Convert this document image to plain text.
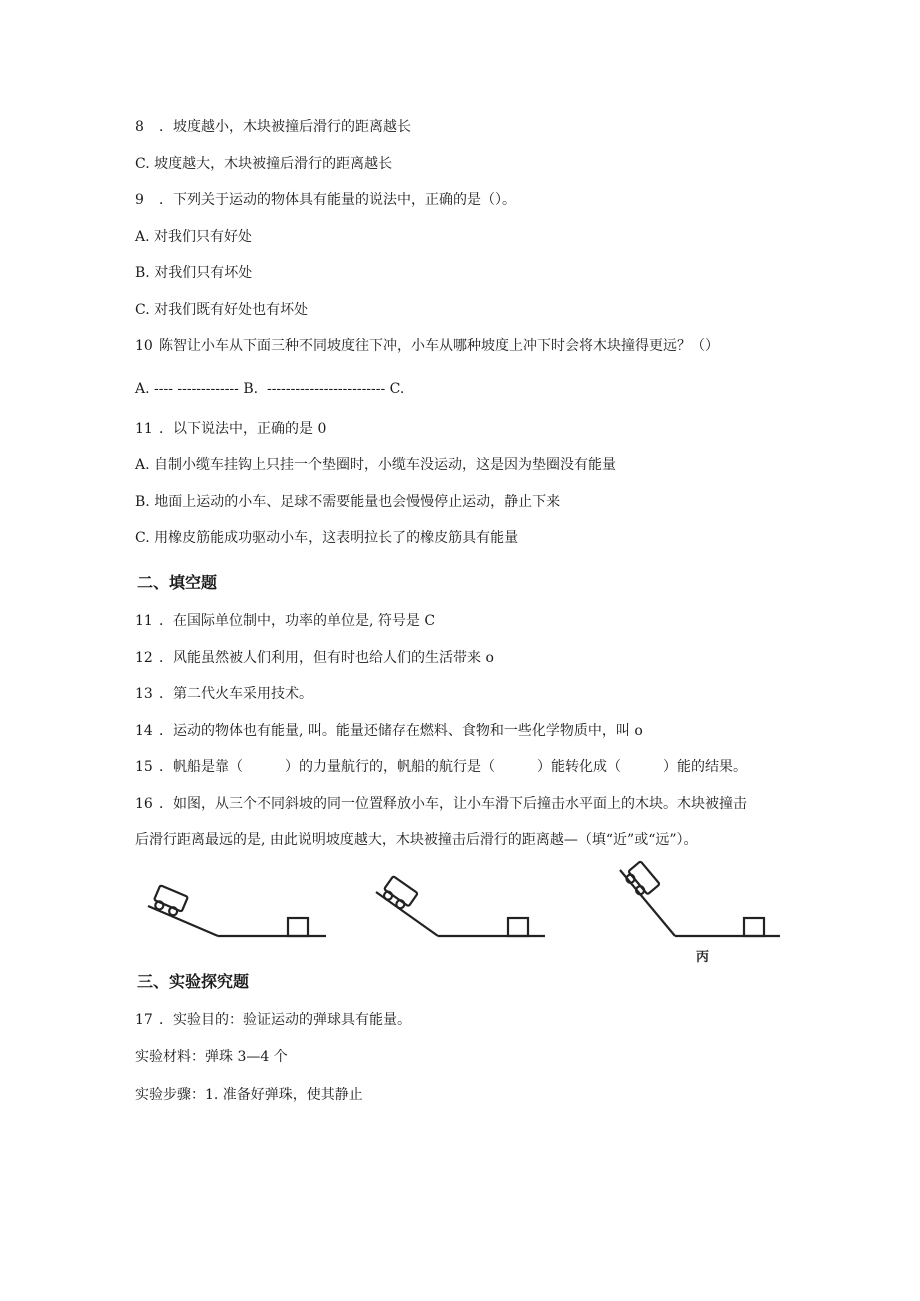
8 ．坡度越小，木块被撞后滑行的距离越长
C. 坡度越大，木块被撞后滑行的距离越长
9 ．下列关于运动的物体具有能量的说法中，正确的是（）。
A. 对我们只有好处
B. 对我们只有坏处
C. 对我们既有好处也有坏处
10 陈智让小车从下面三种不同坡度往下冲，小车从哪种坡度上冲下时会将木块撞得更远？（）
A. ---- ------------- B.  ------------------------- C.
11 ．以下说法中，正确的是 0
A. 自制小缆车挂钩上只挂一个垫圈时，小缆车没运动，这是因为垫圈没有能量
B. 地面上运动的小车、足球不需要能量也会慢慢停止运动，静止下来
C. 用橡皮筋能成功驱动小车，这表明拉长了的橡皮筋具有能量
二、填空题
11 ．在国际单位制中，功率的单位是, 符号是 C
12 ．风能虽然被人们利用，但有时也给人们的生活带来 o
13 ．第二代火车采用技术。
14 ．运动的物体也有能量, 叫。能量还储存在燃料、食物和一些化学物质中，叫 o
15 ．帆船是靠（　　　）的力量航行的，帆船的航行是（　　　）能转化成（　　　）能的结果。
16 ．如图，从三个不同斜坡的同一位置释放小车，让小车滑下后撞击水平面上的木块。木块被撞击
后滑行距离最远的是, 由此说明坡度越大，木块被撞击后滑行的距离越—（填“近”或“远”）。
丙
三、实验探究题
17 ．实验目的：验证运动的弹球具有能量。
实验材料：弹珠 3—4 个
实验步骤：1. 准备好弹珠，使其静止
